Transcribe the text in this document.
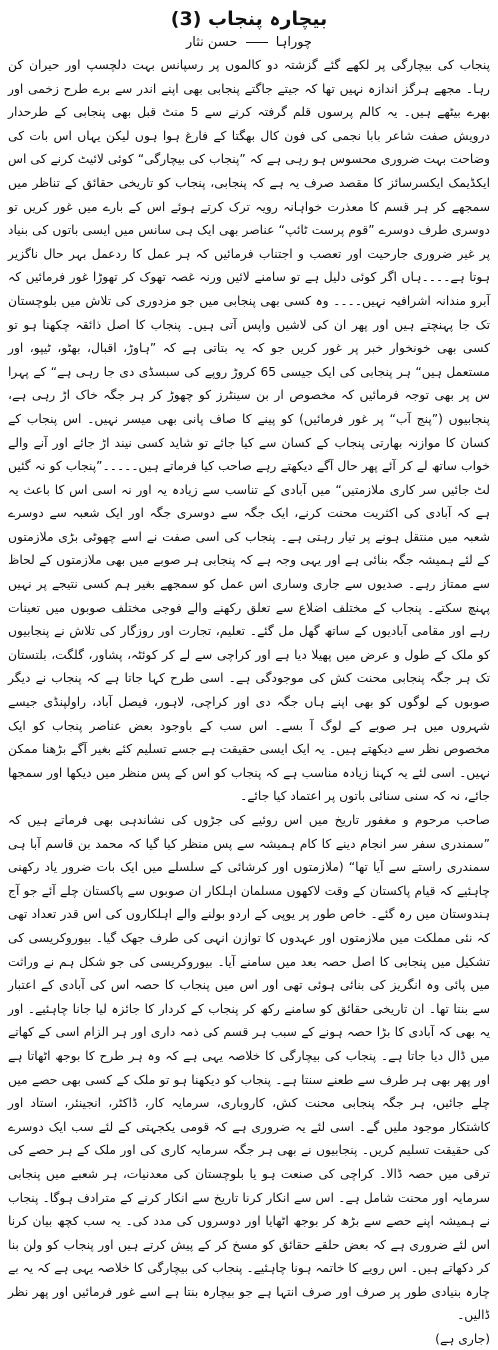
بیچارہ پنجاب (3)
چوراہا  حسن نثار

پنجاب کی بیچارگی پر لکھے گئے گزشتہ دو کالموں پر رسپانس بہت دلچسپ اور حیران کن رہا۔ مجھے ہرگز اندازہ نہیں تھا کہ جیتے جاگتے پنجابی بھی اپنے اندر سے برے طرح زخمی اور بھرے بیٹھے ہیں۔ یہ کالم پرسوں قلم گرفتہ کرنے سے 5 منٹ قبل بھی پنجابی کے طرحدار درویش صفت شاعر بابا نجمی کی فون کال بھگتا کے فارغ ہوا ہوں لیکن یہاں اس بات کی وضاحت بہت ضروری محسوس ہو رہی ہے کہ ”پنجاب کی بیچارگی“ کوئی لائیٹ کرنے کی اس ایکڈیمک ایکسرسائز کا مقصد صرف یہ ہے کہ پنجابی، پنجاب کو تاریخی حقائق کے تناظر میں سمجھے کر ہر قسم کا معذرت خواہانہ رویہ ترک کرتے ہوئے اس کے بارے میں غور کریں تو دوسری طرف دوسرے ”قوم پرست ٹائپ“ عناصر بھی ایک ہی سانس میں ایسی باتوں کی بنیاد پر غیر ضروری جارحیت اور تعصب و اجتناب فرمائیں کہ ہر عمل کا ردعمل بہر حال ناگزیر ہوتا ہے۔۔۔۔ہاں اگر کوئی دلیل ہے تو سامنے لائیں ورنہ غصہ تھوک کر تھوڑا غور فرمائیں کہ آبرو مندانہ اشرافیہ نہیں۔۔۔۔ وہ کسی بھی پنجابی میں جو مزدوری کی تلاش میں بلوچستان تک جا پہنچتے ہیں اور پھر ان کی لاشیں واپس آتی ہیں۔ پنجاب کا اصل ذائقہ چکھنا ہو تو کسی بھی خونخوار خبر پر غور کریں جو کہ یہ بتاتی ہے کہ ”ہاوڑ، اقبال، بھٹو، ٹیپو، اور مستعمل ہیں“ ہر پنجابی کی ایک جیسی 65 کروڑ روپے کی سبسڈی دی جا رہی ہے“ کے پہرا س پر بھی توجہ فرمائیں کہ مخصوص ار بن سینٹرز کو چھوڑ کر ہر جگہ خاک اڑ رہی ہے، پنجابیوں (”پنج آب“ پر غور فرمائیں) کو پینے کا صاف پانی بھی میسر نہیں۔ اس پنجاب کے کسان کا موازنہ بھارتی پنجاب کے کسان سے کیا جائے تو شاید کسی نیند اڑ جائے اور آنے والے خواب ساتھ لے کر آئے پھر حال آگے دیکھتے رہے صاحب کیا فرماتے ہیں۔۔۔۔۔”پنجاب کو نہ گئیں لٹ جائیں سر کاری ملازمتیں“ میں آبادی کے تناسب سے زیادہ یہ اور نہ اسی اس کا باعث یہ ہے کہ آبادی کی اکثریت محنت کرنے، ایک جگہ سے دوسری جگہ اور ایک شعبہ سے دوسرے شعبہ میں منتقل ہونے پر تیار رہتی ہے۔ پنجاب کی اسی صفت نے اسے چھوٹی بڑی ملازمتوں کے لئے ہمیشہ جگہ بنائی ہے اور یہی وجہ ہے کہ پنجابی ہر صوبے میں بھی ملازمتوں کے لحاظ سے ممتاز رہے۔ صدیوں سے جاری وساری اس عمل کو سمجھے بغیر ہم کسی نتیجے پر نہیں پہنچ سکتے۔ پنجاب کے مختلف اضلاع سے تعلق رکھنے والے فوجی مختلف صوبوں میں تعینات رہے اور مقامی آبادیوں کے ساتھ گھل مل گئے۔ تعلیم، تجارت اور روزگار کی تلاش نے پنجابیوں کو ملک کے طول و عرض میں پھیلا دیا ہے اور کراچی سے لے کر کوئٹہ، پشاور، گلگت، بلتستان تک ہر جگہ پنجابی محنت کش کی موجودگی ہے۔ اسی طرح کہا جاتا ہے کہ پنجاب نے دیگر صوبوں کے لوگوں کو بھی اپنے ہاں جگہ دی اور کراچی، لاہور، فیصل آباد، راولپنڈی جیسے شہروں میں ہر صوبے کے لوگ آ بسے۔ اس سب کے باوجود بعض عناصر پنجاب کو ایک مخصوص نظر سے دیکھتے ہیں۔ یہ ایک ایسی حقیقت ہے جسے تسلیم کئے بغیر آگے بڑھنا ممکن نہیں۔ اسی لئے یہ کہنا زیادہ مناسب ہے کہ پنجاب کو اس کے پس منظر میں دیکھا اور سمجھا جائے، نہ کہ سنی سنائی باتوں پر اعتماد کیا جائے۔

صاحب مرحوم و مغفور تاریخ میں اس روئیے کی جڑوں کی نشاندہی بھی فرماتے ہیں کہ ”سمندری سفر سر انجام دینے کا کام ہمیشہ سے پس منظر کیا گیا کہ محمد بن قاسم آبا ہی سمندری راستے سے آیا تھا“ (ملازمتوں اور کرشائی کے سلسلے میں ایک بات ضرور یاد رکھنی چاہئیے کہ قیام پاکستان کے وقت لاکھوں مسلمان اہلکار ان صوبوں سے پاکستان چلے آئے جو آج ہندوستان میں رہ گئے۔ خاص طور پر یوپی کے اردو بولنے والے اہلکاروں کی اس قدر تعداد تھی کہ نئی مملکت میں ملازمتوں اور عہدوں کا توازن انہی کی طرف جھک گیا۔ بیوروکریسی کی تشکیل میں پنجابی کا اصل حصہ بعد میں سامنے آیا۔ بیوروکریسی کی جو شکل ہم نے وراثت میں پائی وہ انگریز کی بنائی ہوئی تھی اور اس میں پنجاب کا حصہ اس کی آبادی کے اعتبار سے بنتا تھا۔ ان تاریخی حقائق کو سامنے رکھ کر پنجاب کے کردار کا جائزہ لیا جانا چاہئیے۔ اور یہ بھی کہ آبادی کا بڑا حصہ ہونے کے سبب ہر قسم کی ذمہ داری اور ہر الزام اسی کے کھاتے میں ڈال دیا جاتا ہے۔ پنجاب کی بیچارگی کا خلاصہ یہی ہے کہ وہ ہر طرح کا بوجھ اٹھاتا ہے اور پھر بھی ہر طرف سے طعنے سنتا ہے۔ پنجاب کو دیکھنا ہو تو ملک کے کسی بھی حصے میں چلے جائیں، ہر جگہ پنجابی محنت کش، کاروباری، سرمایہ کار، ڈاکٹر، انجینئر، استاد اور کاشتکار موجود ملیں گے۔ اسی لئے یہ ضروری ہے کہ قومی یکجہتی کے لئے سب ایک دوسرے کی حقیقت تسلیم کریں۔ پنجابیوں نے بھی ہر جگہ سرمایہ کاری کی اور ملک کے ہر حصے کی ترقی میں حصہ ڈالا۔ کراچی کی صنعت ہو یا بلوچستان کی معدنیات، ہر شعبے میں پنجابی سرمایہ اور محنت شامل ہے۔ اس سے انکار کرنا تاریخ سے انکار کرنے کے مترادف ہوگا۔ پنجاب نے ہمیشہ اپنے حصے سے بڑھ کر بوجھ اٹھایا اور دوسروں کی مدد کی۔ یہ سب کچھ بیان کرنا اس لئے ضروری ہے کہ بعض حلقے حقائق کو مسخ کر کے پیش کرتے ہیں اور پنجاب کو ولن بنا کر دکھاتے ہیں۔ اس رویے کا خاتمہ ہونا چاہئیے۔ پنجاب کی بیچارگی کا خلاصہ یہی ہے کہ یہ بے چارہ بنیادی طور پر صرف اور صرف انتہا ہے جو بیچارہ بنتا ہے اسے غور فرمائیں اور پھر نظر ڈالیں۔

(جاری ہے)
